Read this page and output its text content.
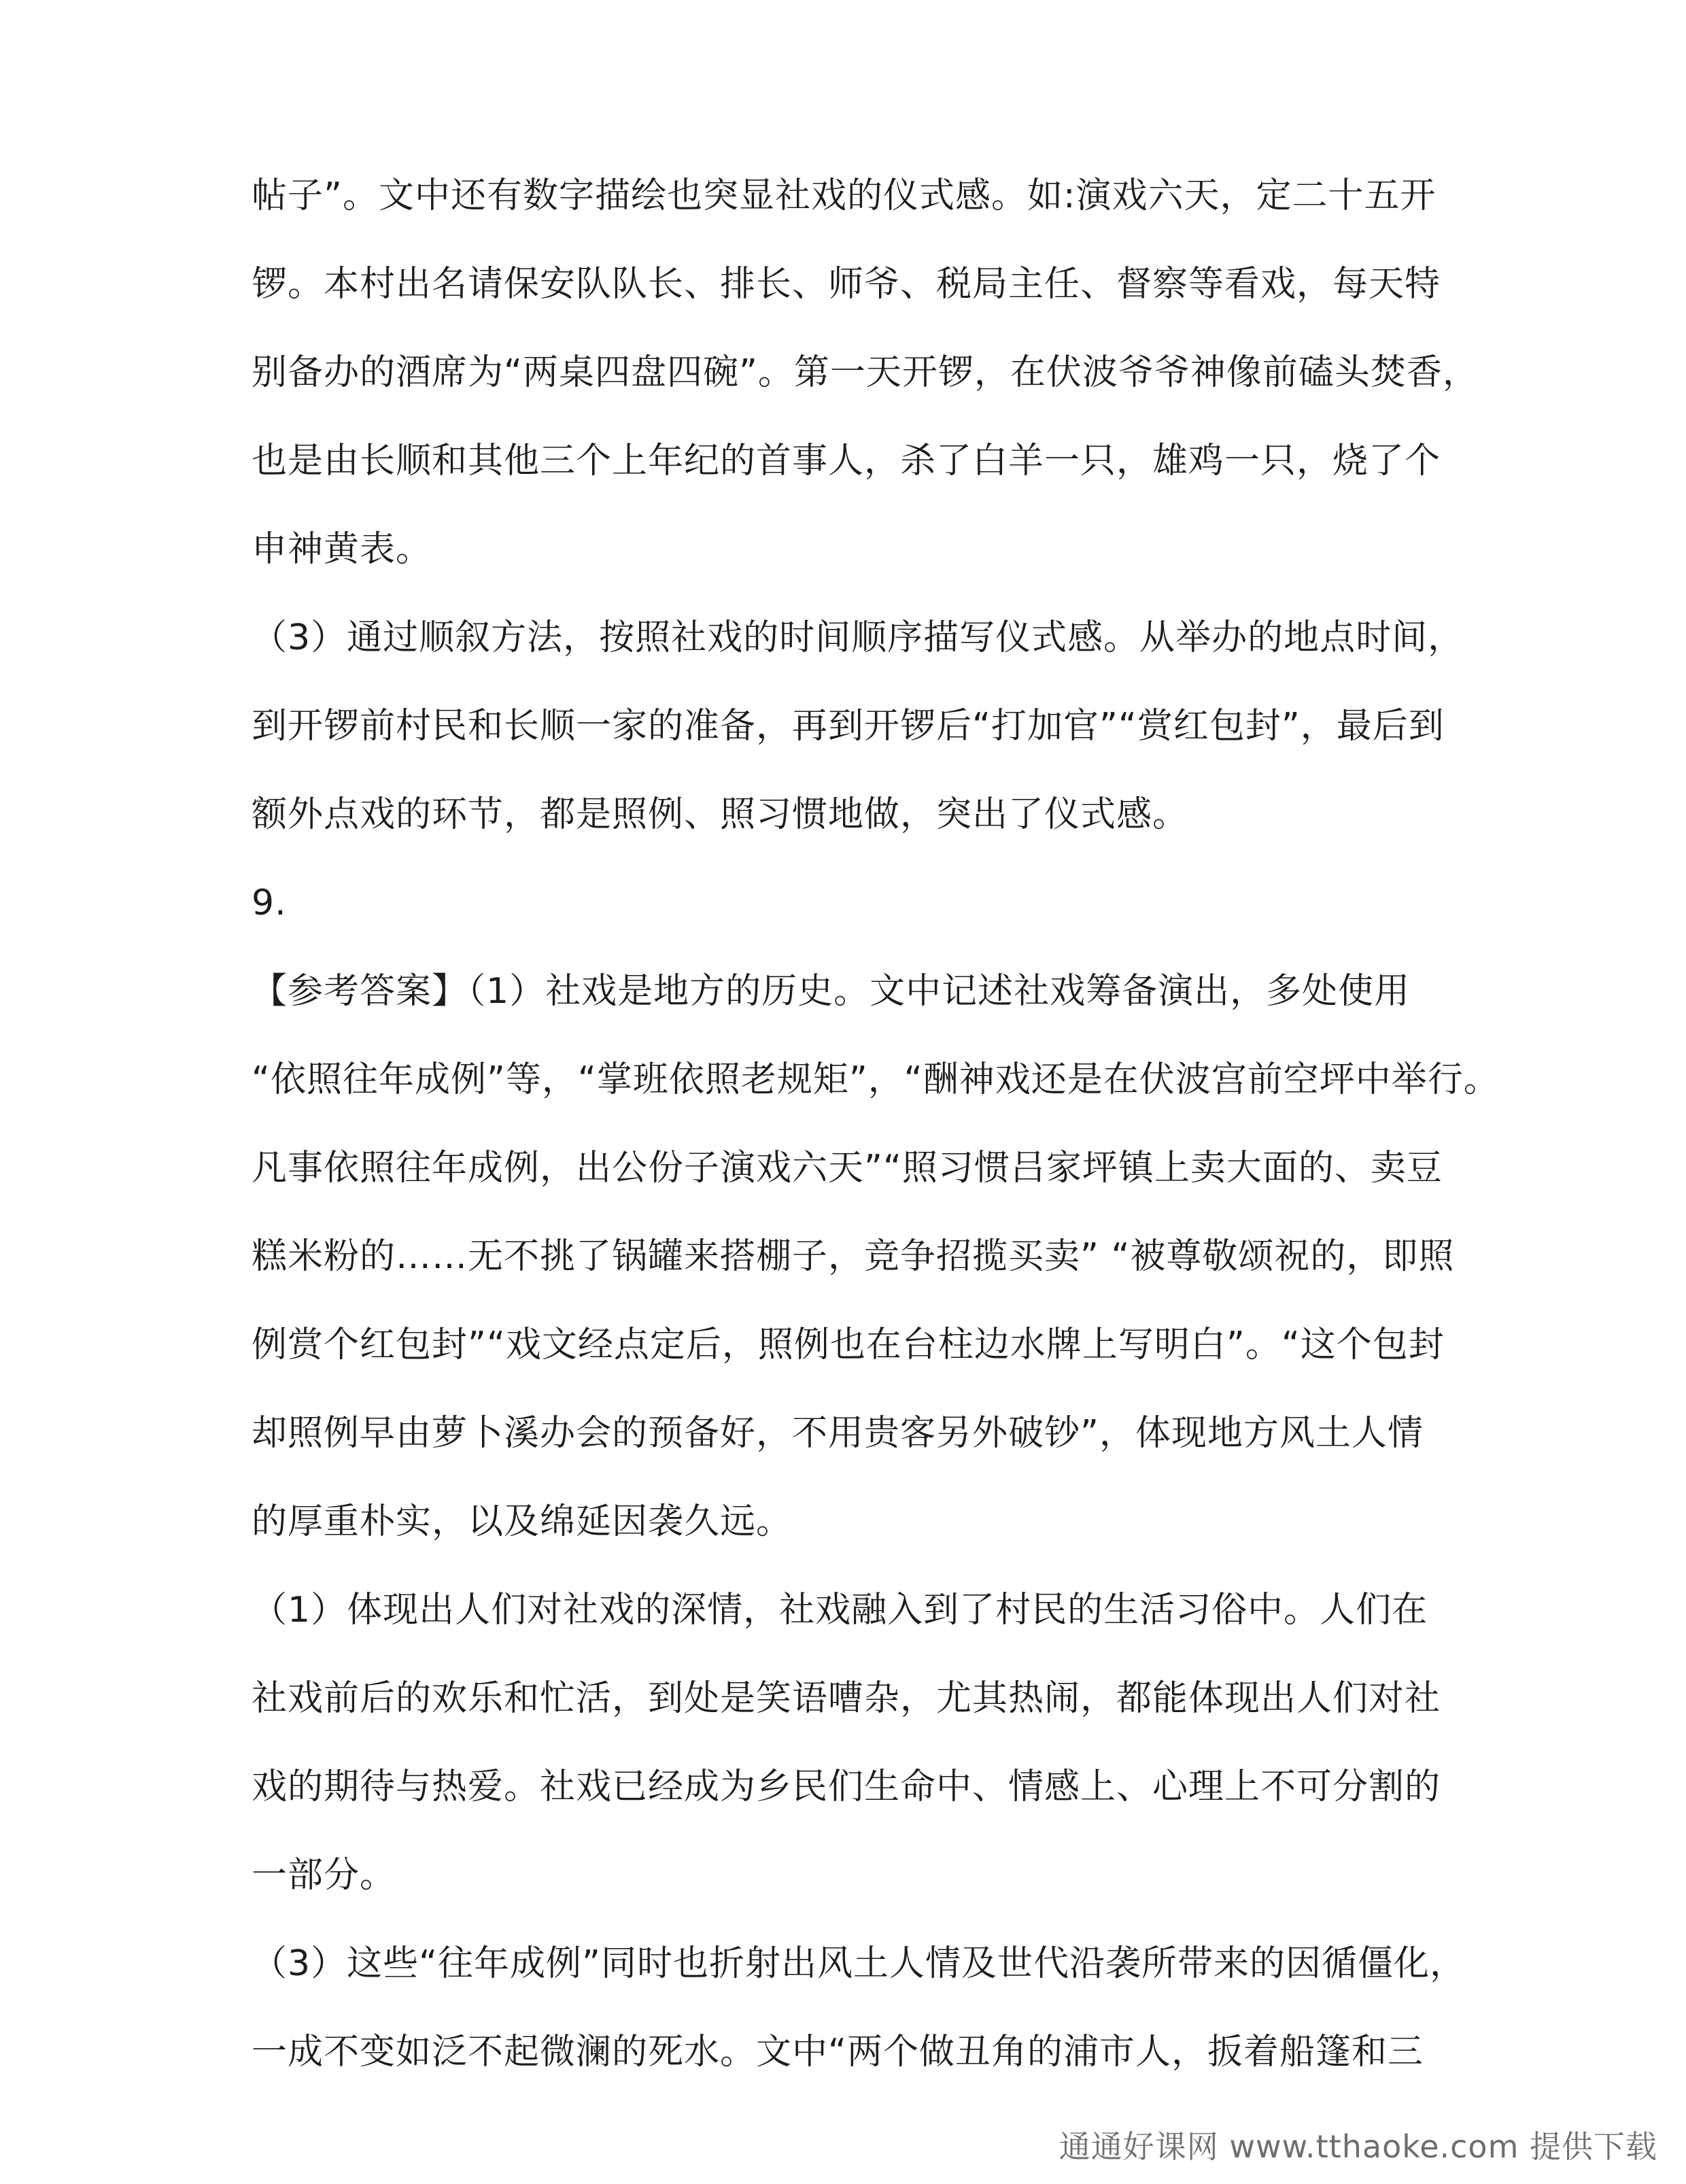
帖子”。文中还有数字描绘也突显社戏的仪式感。如:演戏六天，定二十五开
锣。本村出名请保安队队长、排长、师爷、税局主任、督察等看戏，每天特
别备办的酒席为“两桌四盘四碗”。第一天开锣，在伏波爷爷神像前磕头焚香，
也是由长顺和其他三个上年纪的首事人，杀了白羊一只，雄鸡一只，烧了个
申神黄表。
（3）通过顺叙方法，按照社戏的时间顺序描写仪式感。从举办的地点时间，
到开锣前村民和长顺一家的准备，再到开锣后“打加官”“赏红包封”，最后到
额外点戏的环节，都是照例、照习惯地做，突出了仪式感。
9.
【参考答案】（1）社戏是地方的历史。文中记述社戏筹备演出，多处使用
“依照往年成例”等，“掌班依照老规矩”，“酬神戏还是在伏波宫前空坪中举行。
凡事依照往年成例，出公份子演戏六天”“照习惯吕家坪镇上卖大面的、卖豆
糕米粉的……无不挑了锅罐来搭棚子，竞争招揽买卖” “被尊敬颂祝的，即照
例赏个红包封”“戏文经点定后，照例也在台柱边水牌上写明白”。“这个包封
却照例早由萝卜溪办会的预备好，不用贵客另外破钞”，体现地方风土人情
的厚重朴实，以及绵延因袭久远。
（1）体现出人们对社戏的深情，社戏融入到了村民的生活习俗中。人们在
社戏前后的欢乐和忙活，到处是笑语嘈杂，尤其热闹，都能体现出人们对社
戏的期待与热爱。社戏已经成为乡民们生命中、情感上、心理上不可分割的
一部分。
（3）这些“往年成例”同时也折射出风土人情及世代沿袭所带来的因循僵化，
一成不变如泛不起微澜的死水。文中“两个做丑角的浦市人，扳着船篷和三
通通好课网 www.tthaoke.com 提供下载
